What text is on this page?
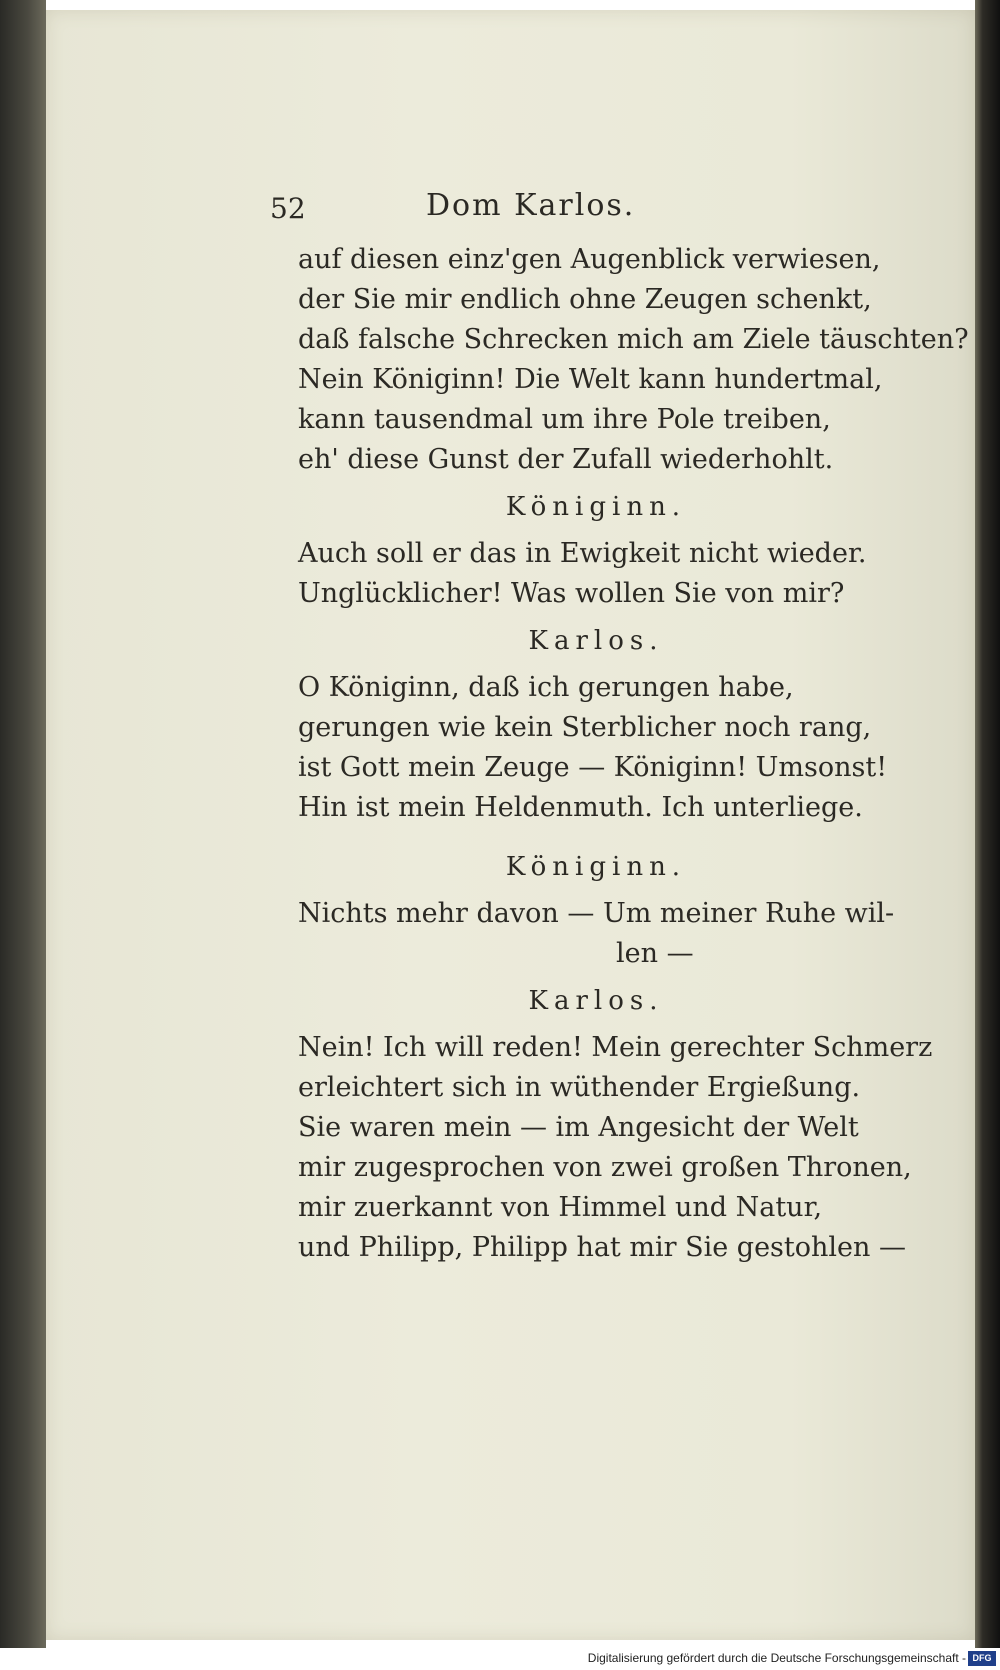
52	Dom Karlos.
auf diesen einz'gen Augenblick verwiesen,
der Sie mir endlich ohne Zeugen schenkt,
daß falsche Schrecken mich am Ziele täuschten?
Nein Königinn! Die Welt kann hundertmal,
kann tausendmal um ihre Pole treiben,
eh' diese Gunst der Zufall wiederhohlt.
Königinn.
Auch soll er das in Ewigkeit nicht wieder.
Unglücklicher! Was wollen Sie von mir?
Karlos.
O Königinn, daß ich gerungen habe,
gerungen wie kein Sterblicher noch rang,
ist Gott mein Zeuge — Königinn! Umsonst!
Hin ist mein Heldenmuth. Ich unterliege.
Königinn.
Nichts mehr davon — Um meiner Ruhe wil-
len —
Karlos.
Nein! Ich will reden! Mein gerechter Schmerz
erleichtert sich in wüthender Ergießung.
Sie waren mein — im Angesicht der Welt
mir zugesprochen von zwei großen Thronen,
mir zuerkannt von Himmel und Natur,
und Philipp, Philipp hat mir Sie gestohlen —
Digitalisierung gefördert durch die Deutsche Forschungsgemeinschaft - DFG
